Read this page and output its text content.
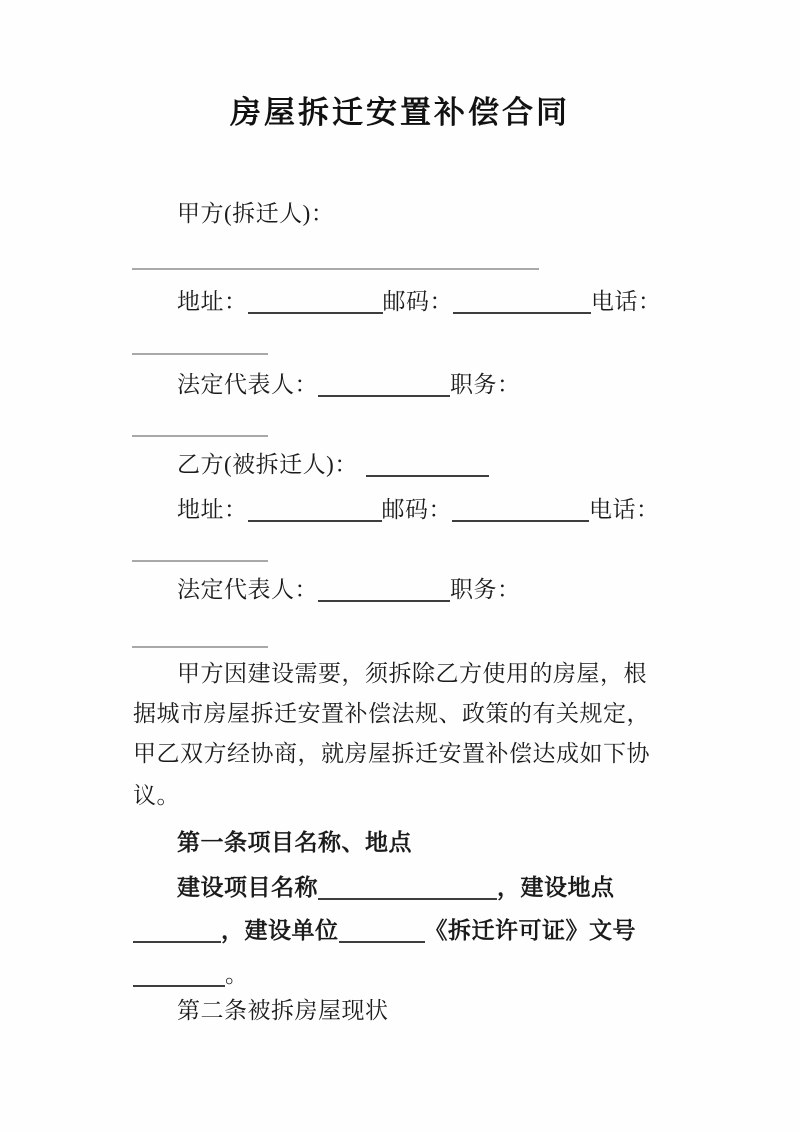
房屋拆迁安置补偿合同
甲方(拆迁人)：
地址：	邮码：	电话：
法定代表人：	职务：
乙方(被拆迁人)：
地址：	邮码：	电话：
法定代表人：	职务：
甲方因建设需要，须拆除乙方使用的房屋，根
据城市房屋拆迁安置补偿法规、政策的有关规定，
甲乙双方经协商，就房屋拆迁安置补偿达成如下协
议。
第一条项目名称、地点
建设项目名称	，建设地点
，建设单位	《拆迁许可证》文号
。
第二条被拆房屋现状
